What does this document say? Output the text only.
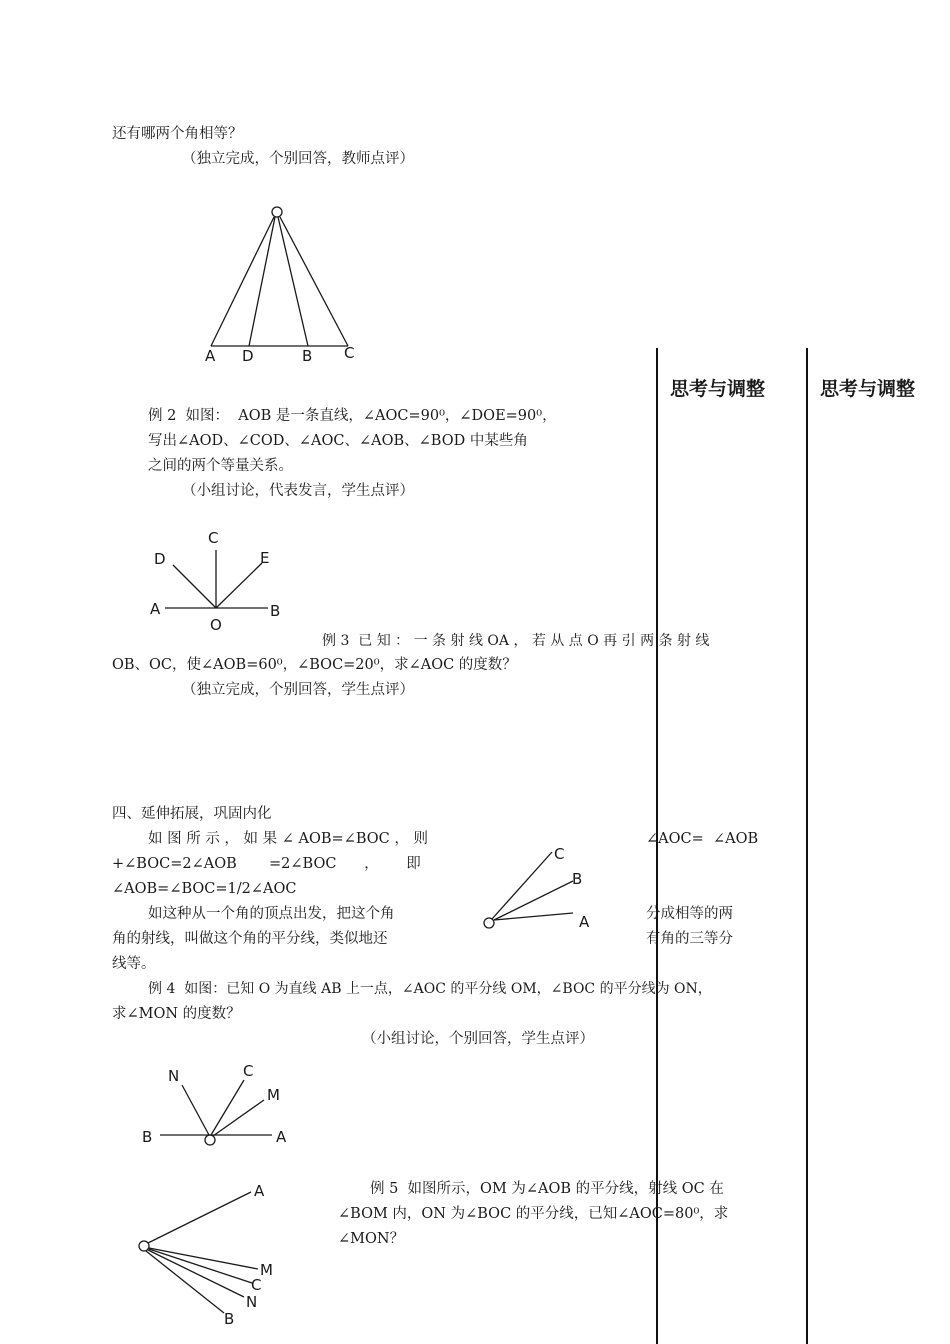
思考与调整	思考与调整
还有哪两个角相等？
（独立完成，个别回答，教师点评）
例 2  如图：  AOB 是一条直线，∠AOC=90⁰，∠DOE=90⁰，
写出∠AOD、∠COD、∠AOC、∠AOB、∠BOD 中某些角
之间的两个等量关系。
（小组讨论，代表发言，学生点评）
例 3  已 知 ： 一 条 射 线 OA ， 若 从 点 O 再 引 两 条 射 线
OB、OC，使∠AOB=60⁰，∠BOC=20⁰，求∠AOC 的度数？
（独立完成，个别回答，学生点评）
四、延伸拓展，巩固内化
如 图 所 示 ， 如 果 ∠ AOB=∠BOC ， 则	∠AOC=  ∠AOB
+∠BOC=2∠AOB       =2∠BOC      ，      即
∠AOB=∠BOC=1/2∠AOC
如这种从一个角的顶点出发，把这个角	分成相等的两
角的射线，叫做这个角的平分线，类似地还	有角的三等分
线等。
例 4  如图：已知 O 为直线 AB 上一点，∠AOC 的平分线 OM，∠BOC 的平分线为 ON，
求∠MON 的度数？
（小组讨论，个别回答，学生点评）
例 5  如图所示，OM 为∠AOB 的平分线，射线 OC 在
∠BOM 内，ON 为∠BOC 的平分线，已知∠AOC=80⁰，求
∠MON？
A D	B C
C
D	E
A	B
O
C
B
A
N	C
M
B	A
A
M
C
N
B
